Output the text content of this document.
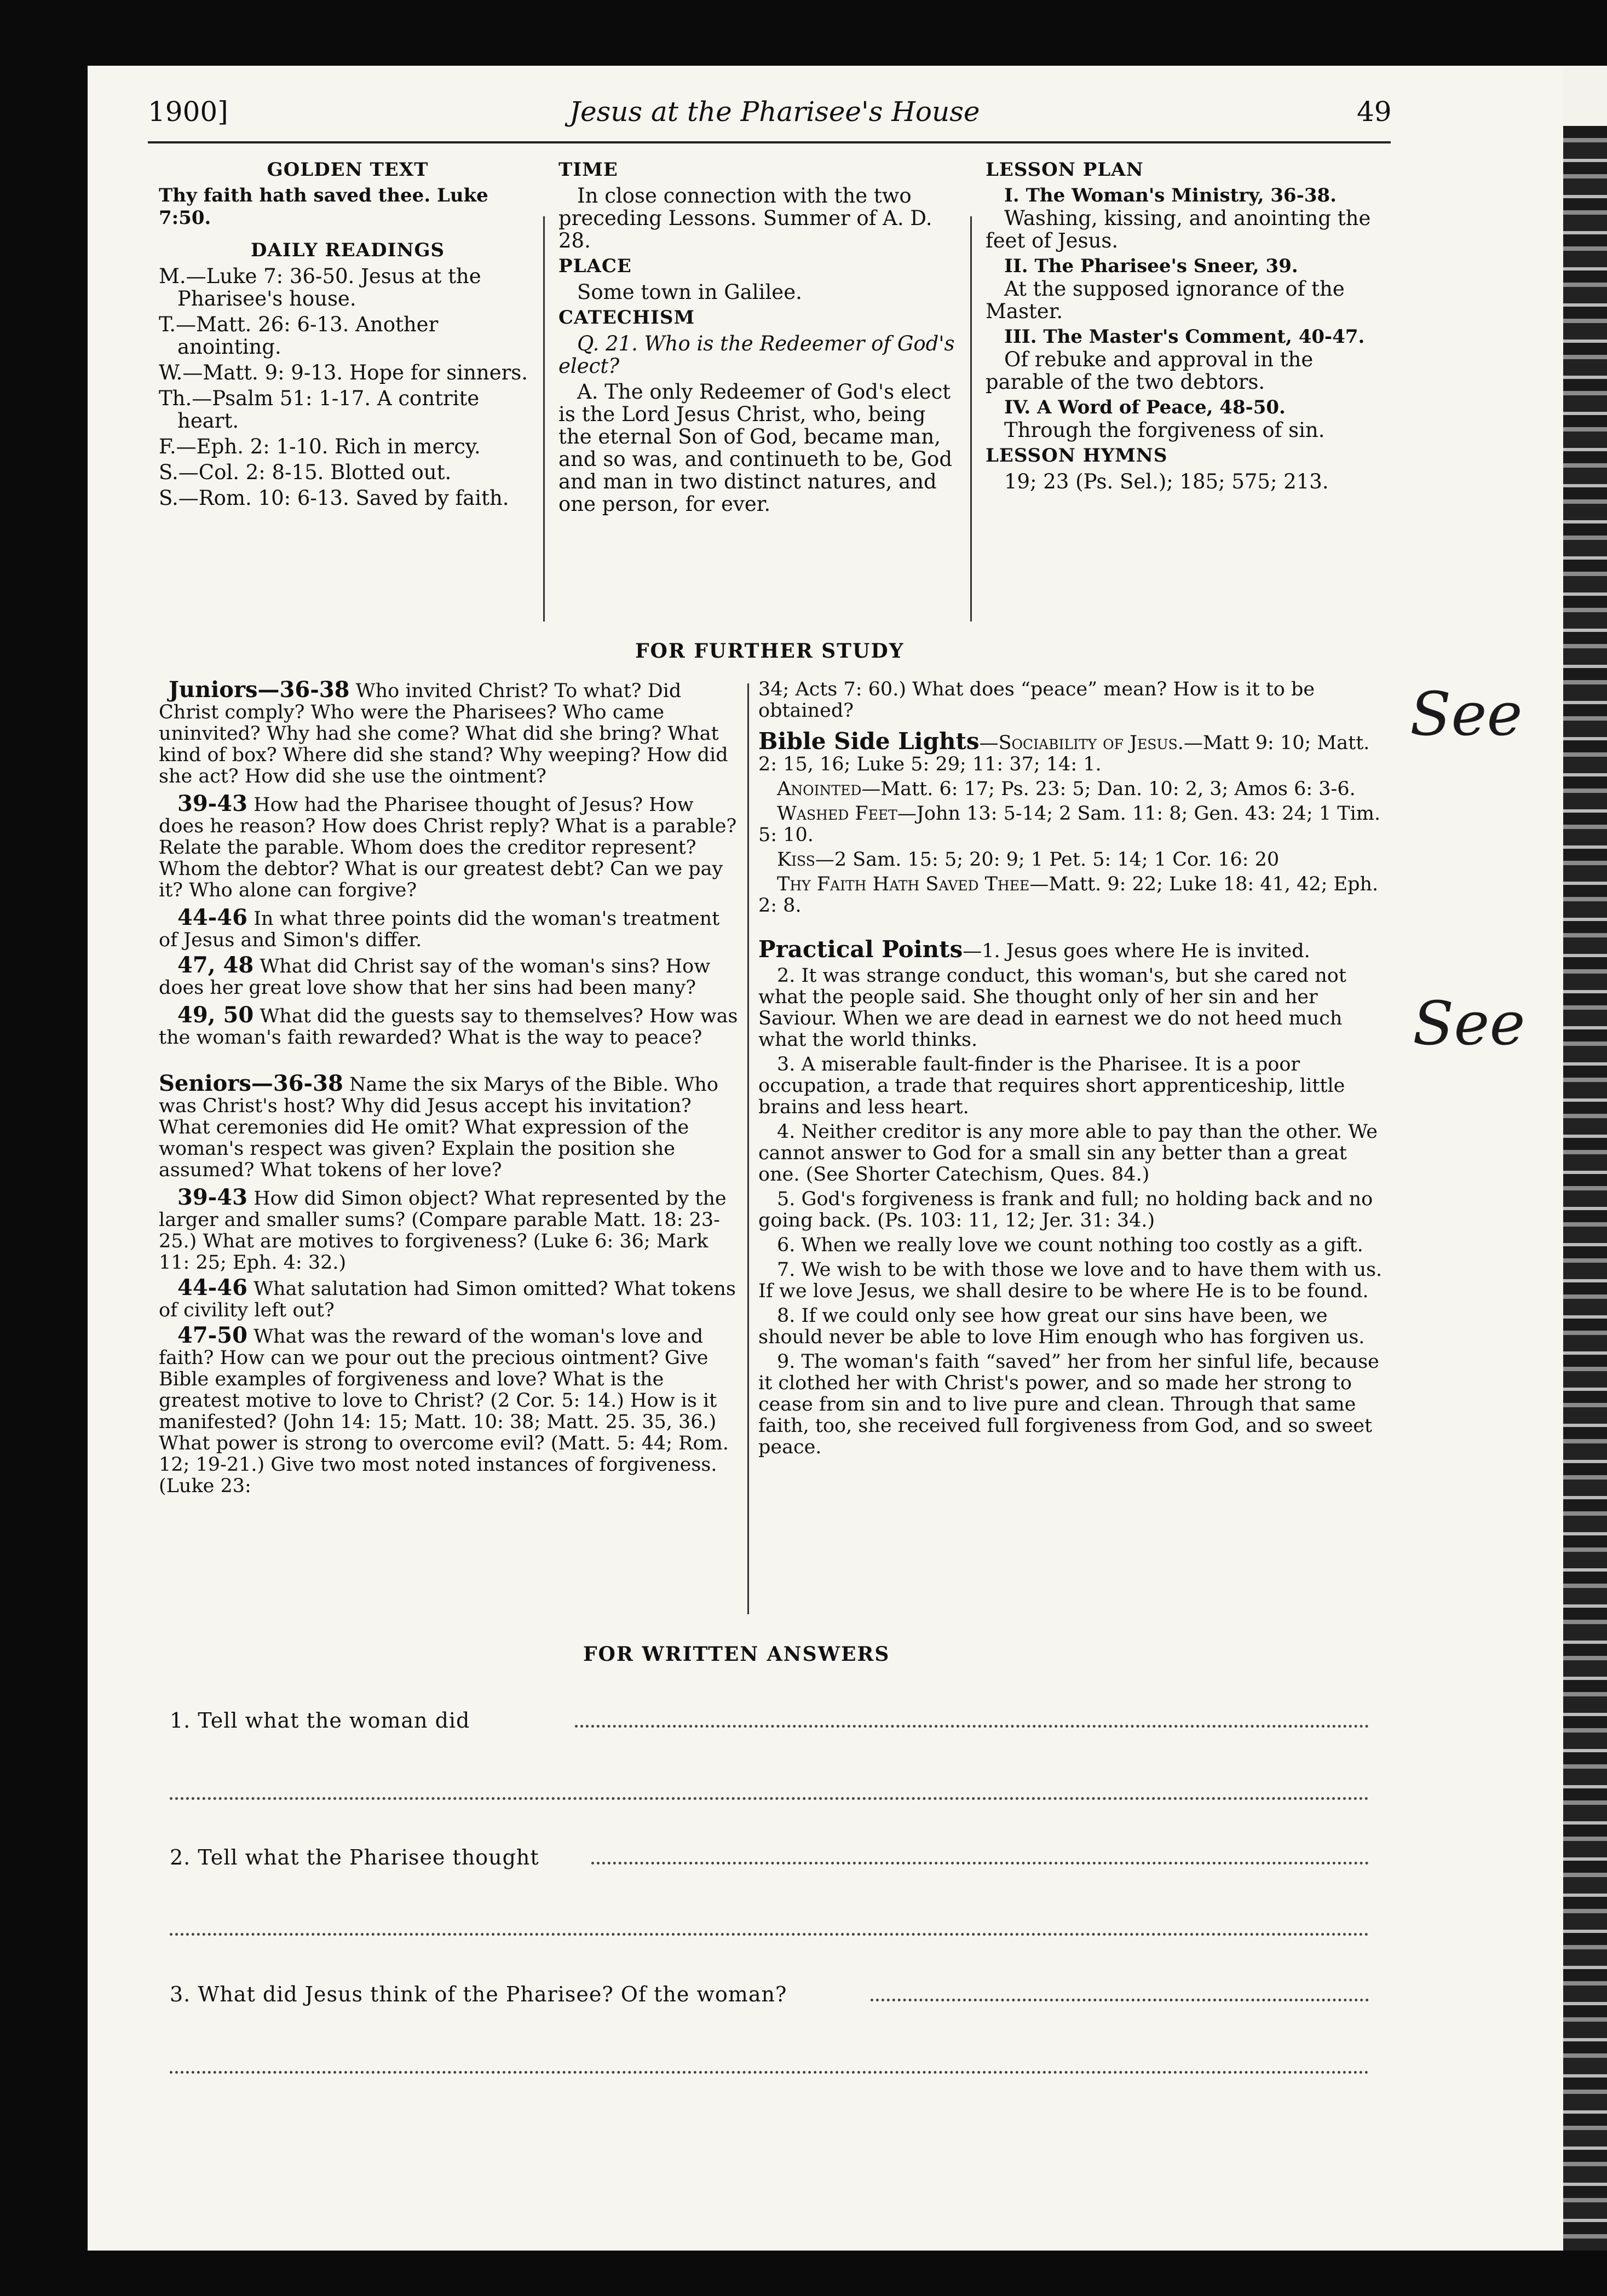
1900]	Jesus at the Pharisee's House	49

GOLDEN TEXT

Thy faith hath saved thee. Luke 7:50.

DAILY READINGS

M.—Luke 7: 36-50. Jesus at the Pharisee's house.

T.—Matt. 26: 6-13. Another anointing.

W.—Matt. 9: 9-13. Hope for sinners.

Th.—Psalm 51: 1-17. A contrite heart.

F.—Eph. 2: 1-10. Rich in mercy.

S.—Col. 2: 8-15. Blotted out.

S.—Rom. 10: 6-13. Saved by faith.

TIME

In close connection with the two preceding Lessons. Summer of A. D. 28.

PLACE

Some town in Galilee.

CATECHISM

Q. 21. Who is the Redeemer of God's elect?

A. The only Redeemer of God's elect is the Lord Jesus Christ, who, being the eternal Son of God, became man, and so was, and continueth to be, God and man in two distinct natures, and one person, for ever.

LESSON PLAN

I. The Woman's Ministry, 36-38.

Washing, kissing, and anointing the feet of Jesus.

II. The Pharisee's Sneer, 39.

At the supposed ignorance of the Master.

III. The Master's Comment, 40-47.

Of rebuke and approval in the parable of the two debtors.

IV. A Word of Peace, 48-50.

Through the forgiveness of sin.

LESSON HYMNS

19; 23 (Ps. Sel.); 185; 575; 213.

FOR FURTHER STUDY

Juniors—36-38 Who invited Christ? To what? Did Christ comply? Who were the Pharisees? Who came uninvited? Why had she come? What did she bring? What kind of box? Where did she stand? Why weeping? How did she act? How did she use the ointment?

39-43 How had the Pharisee thought of Jesus? How does he reason? How does Christ reply? What is a parable? Relate the parable. Whom does the creditor represent? Whom the debtor? What is our greatest debt? Can we pay it? Who alone can forgive?

44-46 In what three points did the woman's treatment of Jesus and Simon's differ.

47, 48 What did Christ say of the woman's sins? How does her great love show that her sins had been many?

49, 50 What did the guests say to themselves? How was the woman's faith rewarded? What is the way to peace?

Seniors—36-38 Name the six Marys of the Bible. Who was Christ's host? Why did Jesus accept his invitation? What ceremonies did He omit? What expression of the woman's respect was given? Explain the position she assumed? What tokens of her love?

39-43 How did Simon object? What represented by the larger and smaller sums? (Compare parable Matt. 18: 23-25.) What are motives to forgiveness? (Luke 6: 36; Mark 11: 25; Eph. 4: 32.)

44-46 What salutation had Simon omitted? What tokens of civility left out?

47-50 What was the reward of the woman's love and faith? How can we pour out the precious ointment? Give Bible examples of forgiveness and love? What is the greatest motive to love to Christ? (2 Cor. 5: 14.) How is it manifested? (John 14: 15; Matt. 10: 38; Matt. 25. 35, 36.) What power is strong to overcome evil? (Matt. 5: 44; Rom. 12; 19-21.) Give two most noted instances of forgiveness. (Luke 23:

34; Acts 7: 60.) What does “peace” mean? How is it to be obtained?

Bible Side Lights—Sociability of Jesus.—Matt 9: 10; Matt. 2: 15, 16; Luke 5: 29; 11: 37; 14: 1.

Anointed—Matt. 6: 17; Ps. 23: 5; Dan. 10: 2, 3; Amos 6: 3-6.

Washed Feet—John 13: 5-14; 2 Sam. 11: 8; Gen. 43: 24; 1 Tim. 5: 10.

Kiss—2 Sam. 15: 5; 20: 9; 1 Pet. 5: 14; 1 Cor. 16: 20

Thy Faith Hath Saved Thee—Matt. 9: 22; Luke 18: 41, 42; Eph. 2: 8.

Practical Points—1. Jesus goes where He is invited.

2. It was strange conduct, this woman's, but she cared not what the people said. She thought only of her sin and her Saviour. When we are dead in earnest we do not heed much what the world thinks.

3. A miserable fault-finder is the Pharisee. It is a poor occupation, a trade that requires short apprenticeship, little brains and less heart.

4. Neither creditor is any more able to pay than the other. We cannot answer to God for a small sin any better than a great one. (See Shorter Catechism, Ques. 84.)

5. God's forgiveness is frank and full; no holding back and no going back. (Ps. 103: 11, 12; Jer. 31: 34.)

6. When we really love we count nothing too costly as a gift.

7. We wish to be with those we love and to have them with us. If we love Jesus, we shall desire to be where He is to be found.

8. If we could only see how great our sins have been, we should never be able to love Him enough who has forgiven us.

9. The woman's faith “saved” her from her sinful life, because it clothed her with Christ's power, and so made her strong to cease from sin and to live pure and clean. Through that same faith, too, she received full forgiveness from God, and so sweet peace.

See
See
FOR WRITTEN ANSWERS
1. Tell what the woman did
2. Tell what the Pharisee thought
3. What did Jesus think of the Pharisee? Of the woman?
